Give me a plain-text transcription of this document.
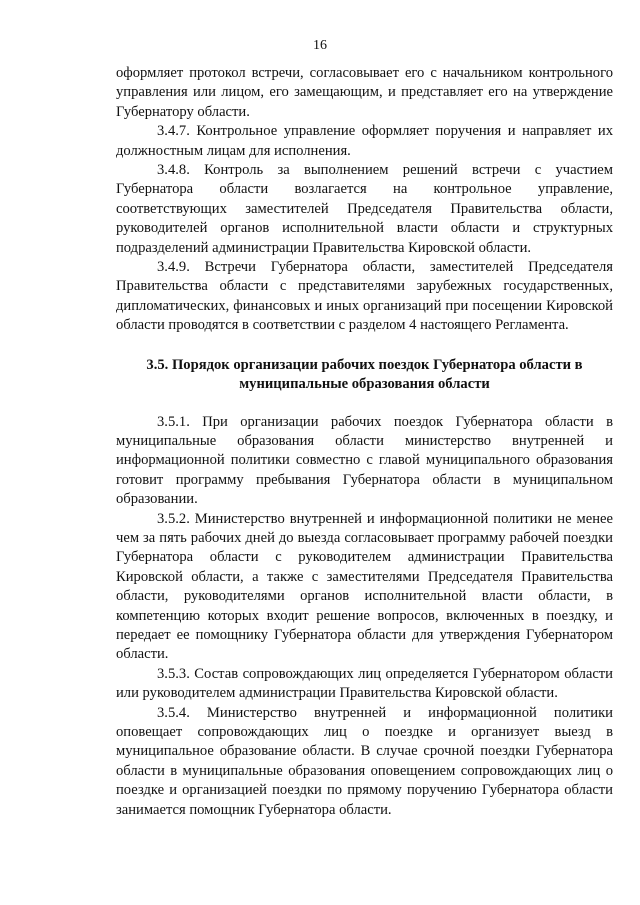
16

оформляет протокол встречи, согласовывает его с начальником контрольного управления или лицом, его замещающим, и представляет его на утверждение Губернатору области.

3.4.7. Контрольное управление оформляет поручения и направляет их должностным лицам для исполнения.

3.4.8. Контроль за выполнением решений встречи с участием Губернатора области возлагается на контрольное управление, соответствующих заместителей Председателя Правительства области, руководителей органов исполнительной власти области и структурных подразделений администрации Правительства Кировской области.

3.4.9. Встречи Губернатора области, заместителей Председателя Правительства области с представителями зарубежных государственных, дипломатических, финансовых и иных организаций при посещении Кировской области проводятся в соответствии с разделом 4 настоящего Регламента.

3.5. Порядок организации рабочих поездок Губернатора области в муниципальные образования области

3.5.1. При организации рабочих поездок Губернатора области в муниципальные образования области министерство внутренней и информационной политики совместно с главой муниципального образования готовит программу пребывания Губернатора области в муниципальном образовании.

3.5.2. Министерство внутренней и информационной политики не менее чем за пять рабочих дней до выезда согласовывает программу рабочей поездки Губернатора области с руководителем администрации Правительства Кировской области, а также с заместителями Председателя Правительства области, руководителями органов исполнительной власти области, в компетенцию которых входит решение вопросов, включенных в поездку, и передает ее помощнику Губернатора области для утверждения Губернатором области.

3.5.3. Состав сопровождающих лиц определяется Губернатором области или руководителем администрации Правительства Кировской области.

3.5.4. Министерство внутренней и информационной политики оповещает сопровождающих лиц о поездке и организует выезд в муниципальное образование области. В случае срочной поездки Губернатора области в муниципальные образования оповещением сопровождающих лиц о поездке и организацией поездки по прямому поручению Губернатора области занимается помощник Губернатора области.
